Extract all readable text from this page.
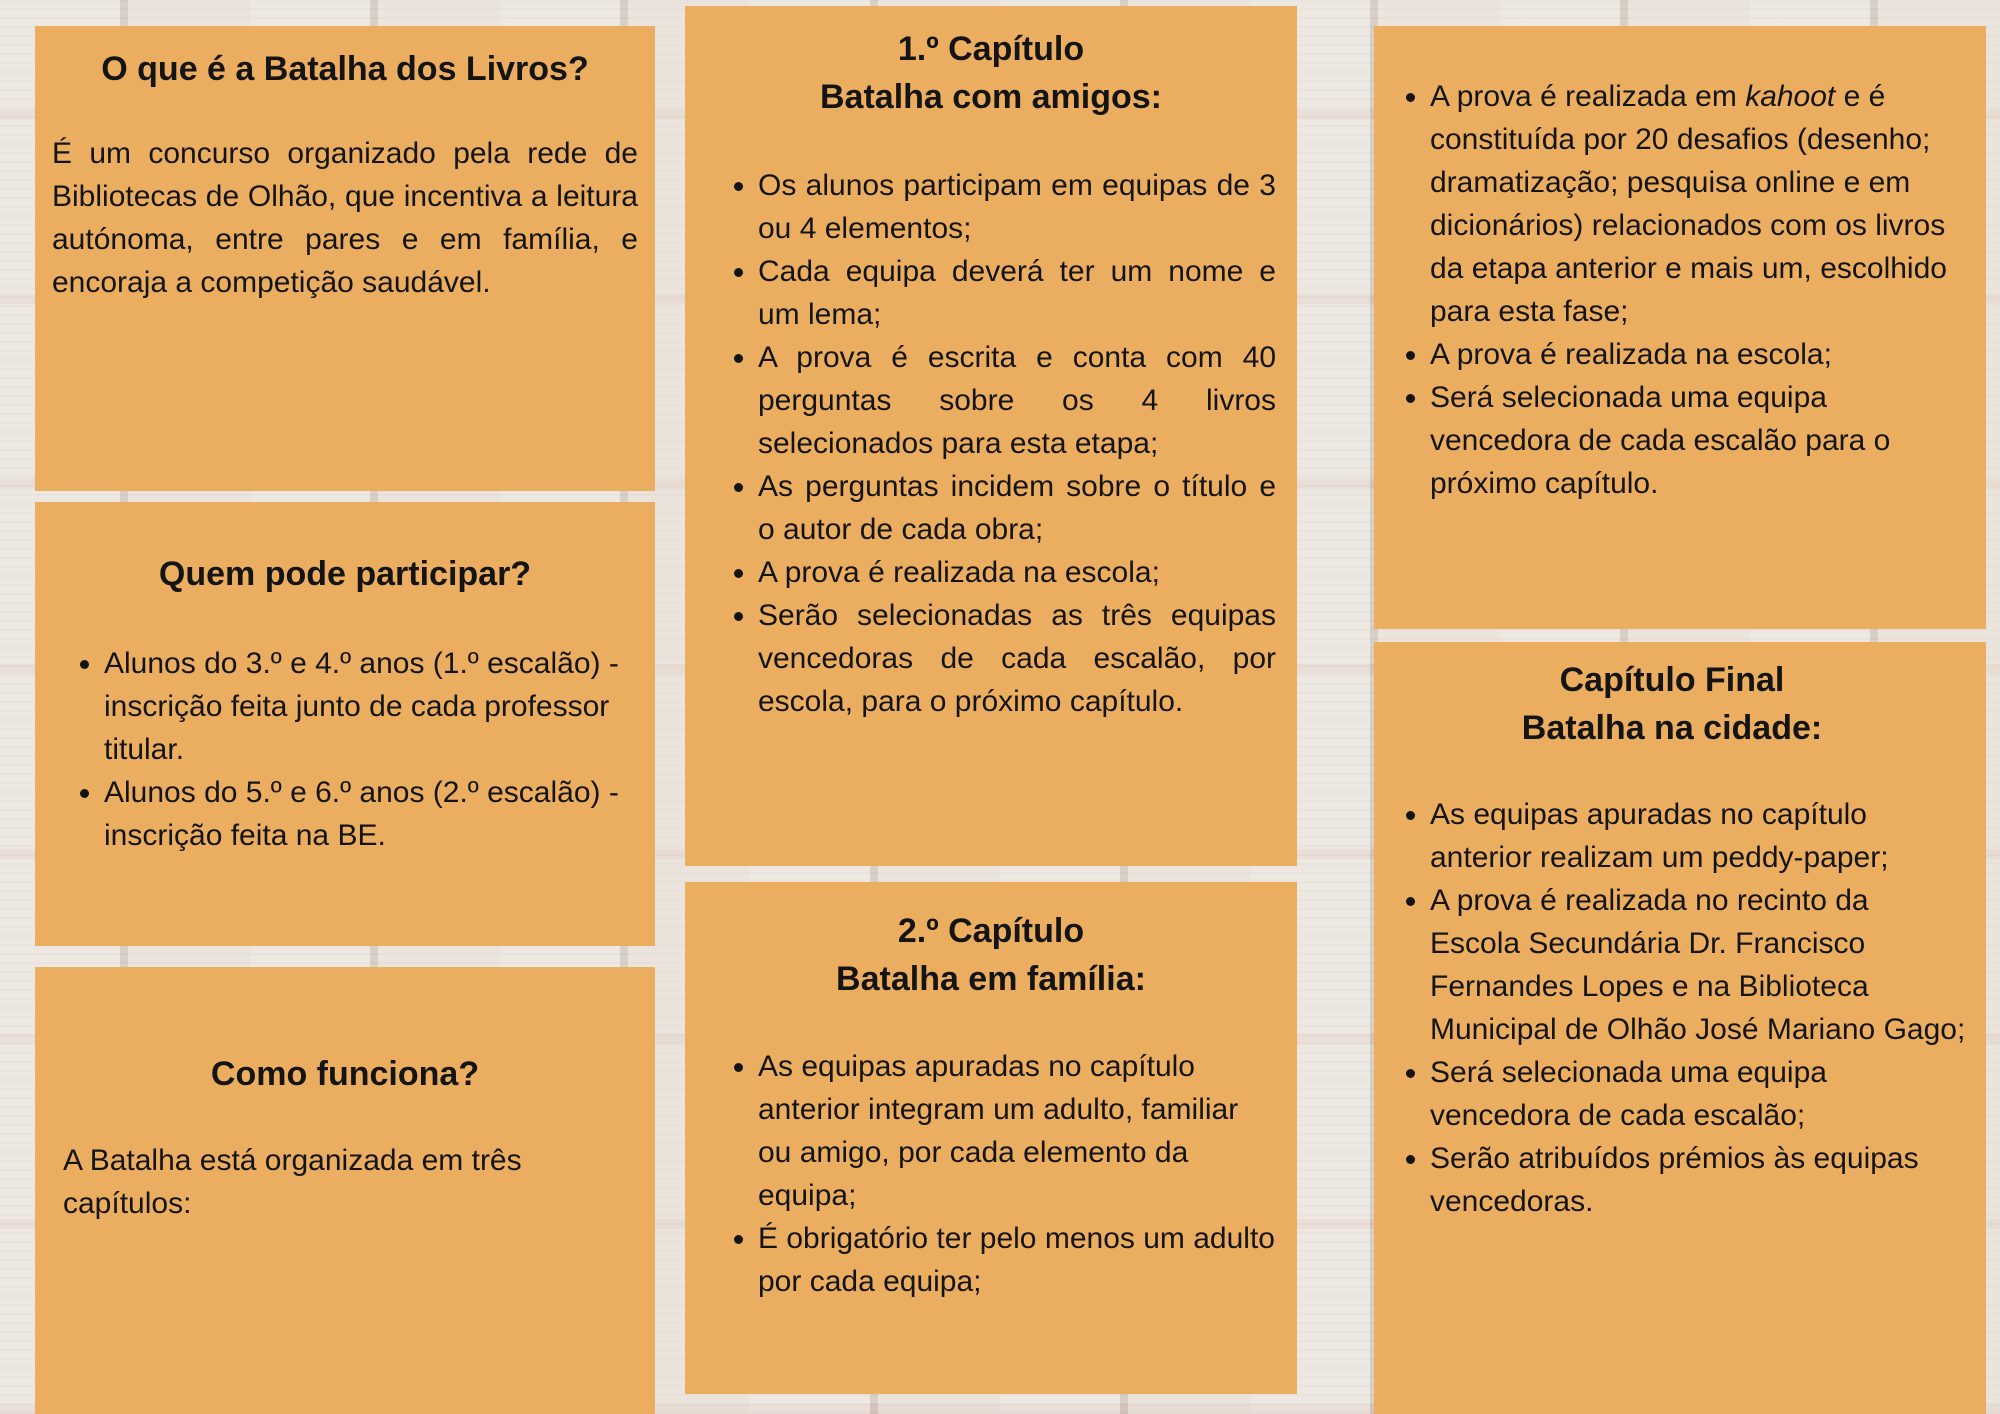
O que é a Batalha dos Livros?

É um concurso organizado pela rede de Bibliotecas de Olhão, que incentiva a leitura autónoma, entre pares e em família, e encoraja a competição saudável.

Quem pode participar?
• Alunos do 3.º e 4.º anos (1.º escalão) - inscrição feita junto de cada professor titular.
• Alunos do 5.º e 6.º anos (2.º escalão) - inscrição feita na BE.
Como funciona?

A Batalha está organizada em três capítulos:

1.º Capítulo
Batalha com amigos:
• Os alunos participam em equipas de 3 ou 4 elementos;
• Cada equipa deverá ter um nome e um lema;
• A prova é escrita e conta com 40 perguntas sobre os 4 livros selecionados para esta etapa;
• As perguntas incidem sobre o título e o autor de cada obra;
• A prova é realizada na escola;
• Serão selecionadas as três equipas vencedoras de cada escalão, por escola, para o próximo capítulo.
2.º Capítulo
Batalha em família:
• As equipas apuradas no capítulo anterior integram um adulto, familiar ou amigo, por cada elemento da equipa;
• É obrigatório ter pelo menos um adulto por cada equipa;
• A prova é realizada em kahoot e é constituída por 20 desafios (desenho; dramatização; pesquisa online e em dicionários) relacionados com os livros da etapa anterior e mais um, escolhido para esta fase;
• A prova é realizada na escola;
• Será selecionada uma equipa vencedora de cada escalão para o próximo capítulo.
Capítulo Final
Batalha na cidade:
• As equipas apuradas no capítulo anterior realizam um peddy-paper;
• A prova é realizada no recinto da Escola Secundária Dr. Francisco Fernandes Lopes e na Biblioteca Municipal de Olhão José Mariano Gago;
• Será selecionada uma equipa vencedora de cada escalão;
• Serão atribuídos prémios às equipas vencedoras.
